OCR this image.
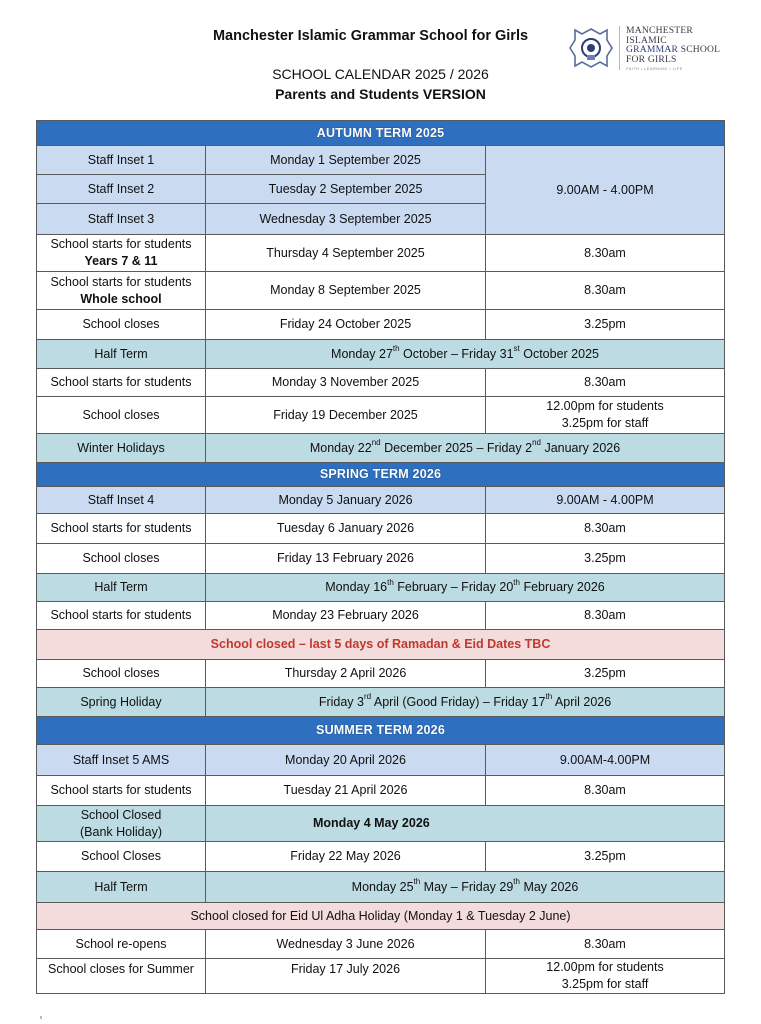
Manchester Islamic Grammar School for Girls
SCHOOL CALENDAR 2025 / 2026
Parents and Students VERSION
MANCHESTER
ISLAMIC
GRAMMAR SCHOOL
FOR GIRLS
FAITH • LEARNING • LIFE
AUTUMN TERM 2025		
Staff Inset 1	Monday 1 September 2025	9.00AM - 4.00PM
Staff Inset 2	Tuesday 2 September 2025	
Staff Inset 3	Wednesday 3 September 2025	

School starts for students
Years 7 & 11	Thursday 4 September 2025	8.30am

School starts for students
Whole school	Monday 8 September 2025	8.30am
School closes	Friday 24 October 2025	3.25pm
Half Term	Monday 27th October – Friday 31st October 2025	
School starts for students	Monday 3 November 2025	8.30am
School closes	Friday 19 December 2025	12.00pm for students
3.25pm for staff

Winter Holidays	Monday 22nd December 2025 – Friday 2nd January 2026	
SPRING TERM 2026		
Staff Inset 4	Monday 5 January 2026	9.00AM - 4.00PM
School starts for students	Tuesday 6 January 2026	8.30am
School closes	Friday 13 February 2026	3.25pm
Half Term	Monday 16th February – Friday 20th February 2026	
School starts for students	Monday 23 February 2026	8.30am
School closed – last 5 days of Ramadan & Eid Dates TBC		
School closes	Thursday 2 April 2026	3.25pm
Spring Holiday	Friday 3rd April (Good Friday) – Friday 17th April 2026	
SUMMER TERM 2026		
Staff Inset 5 AMS	Monday 20 April 2026	9.00AM-4.00PM
School starts for students	Tuesday 21 April 2026	8.30am

School Closed
(Bank Holiday)	Monday 4 May 2026	
School Closes	Friday 22 May 2026	3.25pm
Half Term	Monday 25th May – Friday 29th May 2026	
School closed for Eid Ul Adha Holiday (Monday 1 & Tuesday 2 June)		
School re-opens	Wednesday 3 June 2026	8.30am
School closes for Summer	Friday 17 July 2026	12.00pm for students
3.25pm for staff
